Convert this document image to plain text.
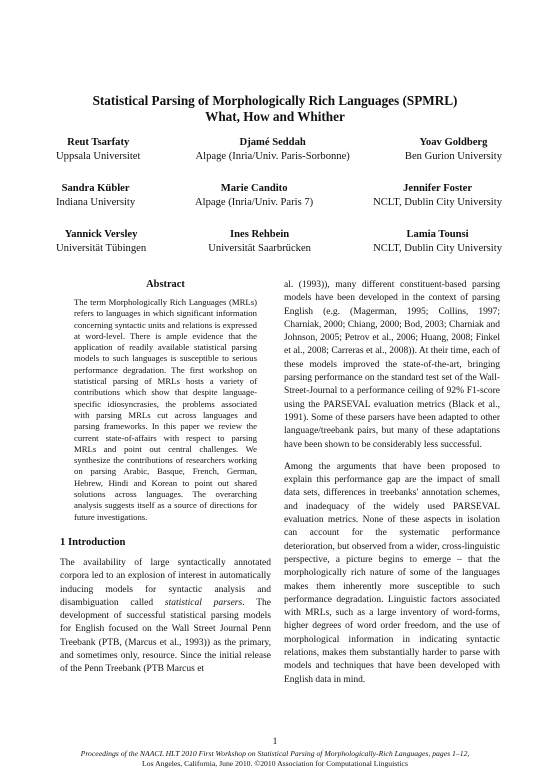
Statistical Parsing of Morphologically Rich Languages (SPMRL)
What, How and Whither
Reut Tsarfaty
Uppsala Universitet
Djamé Seddah
Alpage (Inria/Univ. Paris-Sorbonne)
Yoav Goldberg
Ben Gurion University
Sandra Kübler
Indiana University
Marie Candito
Alpage (Inria/Univ. Paris 7)
Jennifer Foster
NCLT, Dublin City University
Yannick Versley
Universität Tübingen
Ines Rehbein
Universität Saarbrücken
Lamia Tounsi
NCLT, Dublin City University
Abstract

The term Morphologically Rich Languages (MRLs) refers to languages in which significant information concerning syntactic units and relations is expressed at word-level. There is ample evidence that the application of readily available statistical parsing models to such languages is susceptible to serious performance degradation. The first workshop on statistical parsing of MRLs hosts a variety of contributions which show that despite language-specific idiosyncrasies, the problems associated with parsing MRLs cut across languages and parsing frameworks. In this paper we review the current state-of-affairs with respect to parsing MRLs and point out central challenges. We synthesize the contributions of researchers working on parsing Arabic, Basque, French, German, Hebrew, Hindi and Korean to point out shared solutions across languages. The overarching analysis suggests itself as a source of directions for future investigations.

1 Introduction

The availability of large syntactically annotated corpora led to an explosion of interest in automatically inducing models for syntactic analysis and disambiguation called statistical parsers. The development of successful statistical parsing models for English focused on the Wall Street Journal Penn Treebank (PTB, (Marcus et al., 1993)) as the primary, and sometimes only, resource. Since the initial release of the Penn Treebank (PTB Marcus et

al. (1993)), many different constituent-based parsing models have been developed in the context of parsing English (e.g. (Magerman, 1995; Collins, 1997; Charniak, 2000; Chiang, 2000; Bod, 2003; Charniak and Johnson, 2005; Petrov et al., 2006; Huang, 2008; Finkel et al., 2008; Carreras et al., 2008)). At their time, each of these models improved the state-of-the-art, bringing parsing performance on the standard test set of the Wall-Street-Journal to a performance ceiling of 92% F1-score using the PARSEVAL evaluation metrics (Black et al., 1991). Some of these parsers have been adapted to other language/treebank pairs, but many of these adaptations have been shown to be considerably less successful.

Among the arguments that have been proposed to explain this performance gap are the impact of small data sets, differences in treebanks' annotation schemes, and inadequacy of the widely used PARSEVAL evaluation metrics. None of these aspects in isolation can account for the systematic performance deterioration, but observed from a wider, cross-linguistic perspective, a picture begins to emerge – that the morphologically rich nature of some of the languages makes them inherently more susceptible to such performance degradation. Linguistic factors associated with MRLs, such as a large inventory of word-forms, higher degrees of word order freedom, and the use of morphological information in indicating syntactic relations, makes them substantially harder to parse with models and techniques that have been developed with English data in mind.

1
Proceedings of the NAACL HLT 2010 First Workshop on Statistical Parsing of Morphologically-Rich Languages, pages 1–12,
Los Angeles, California, June 2010. ©2010 Association for Computational Linguistics
